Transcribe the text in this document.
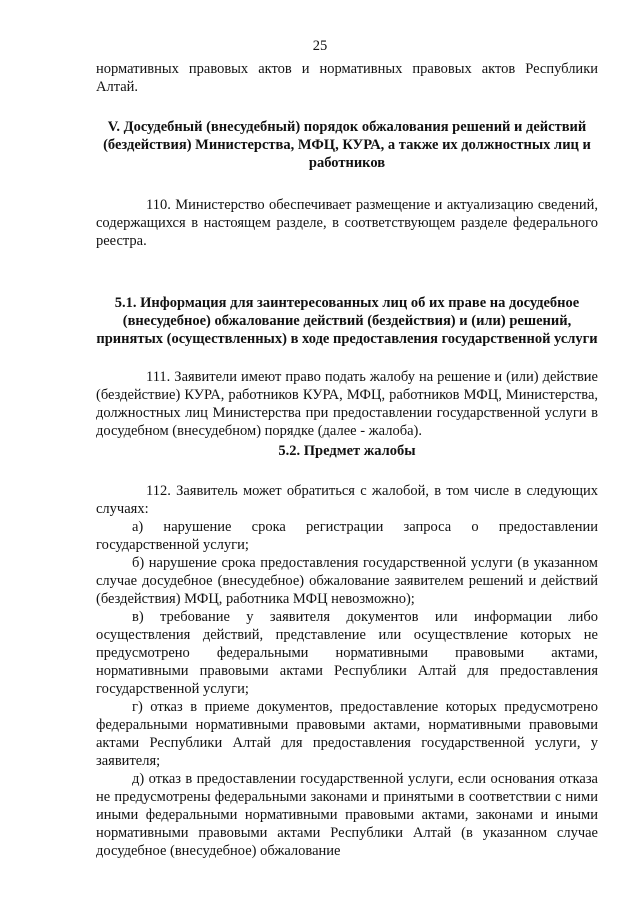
25

нормативных правовых актов и нормативных правовых актов Республики Алтай.

V. Досудебный (внесудебный) порядок обжалования решений и действий (бездействия) Министерства, МФЦ, КУРА, а также их должностных лиц и работников

110. Министерство обеспечивает размещение и актуализацию сведений, содержащихся в настоящем разделе, в соответствующем разделе федерального реестра.

5.1. Информация для заинтересованных лиц об их праве на досудебное (внесудебное) обжалование действий (бездействия) и (или) решений, принятых (осуществленных) в ходе предоставления государственной услуги

111. Заявители имеют право подать жалобу на решение и (или) действие (бездействие) КУРА, работников КУРА, МФЦ, работников МФЦ, Министерства, должностных лиц Министерства при предоставлении государственной услуги в досудебном (внесудебном) порядке (далее - жалоба).

5.2. Предмет жалобы

112. Заявитель может обратиться с жалобой, в том числе в следующих случаях:

а) нарушение срока регистрации запроса о предоставлении государственной услуги;

б) нарушение срока предоставления государственной услуги (в указанном случае досудебное (внесудебное) обжалование заявителем решений и действий (бездействия) МФЦ, работника МФЦ невозможно);

в) требование у заявителя документов или информации либо осуществления действий, представление или осуществление которых не предусмотрено федеральными нормативными правовыми актами, нормативными правовыми актами Республики Алтай для предоставления государственной услуги;

г) отказ в приеме документов, предоставление которых предусмотрено федеральными нормативными правовыми актами, нормативными правовыми актами Республики Алтай для предоставления государственной услуги, у заявителя;

д) отказ в предоставлении государственной услуги, если основания отказа не предусмотрены федеральными законами и принятыми в соответствии с ними иными федеральными нормативными правовыми актами, законами и иными нормативными правовыми актами Республики Алтай (в указанном случае досудебное (внесудебное) обжалование
